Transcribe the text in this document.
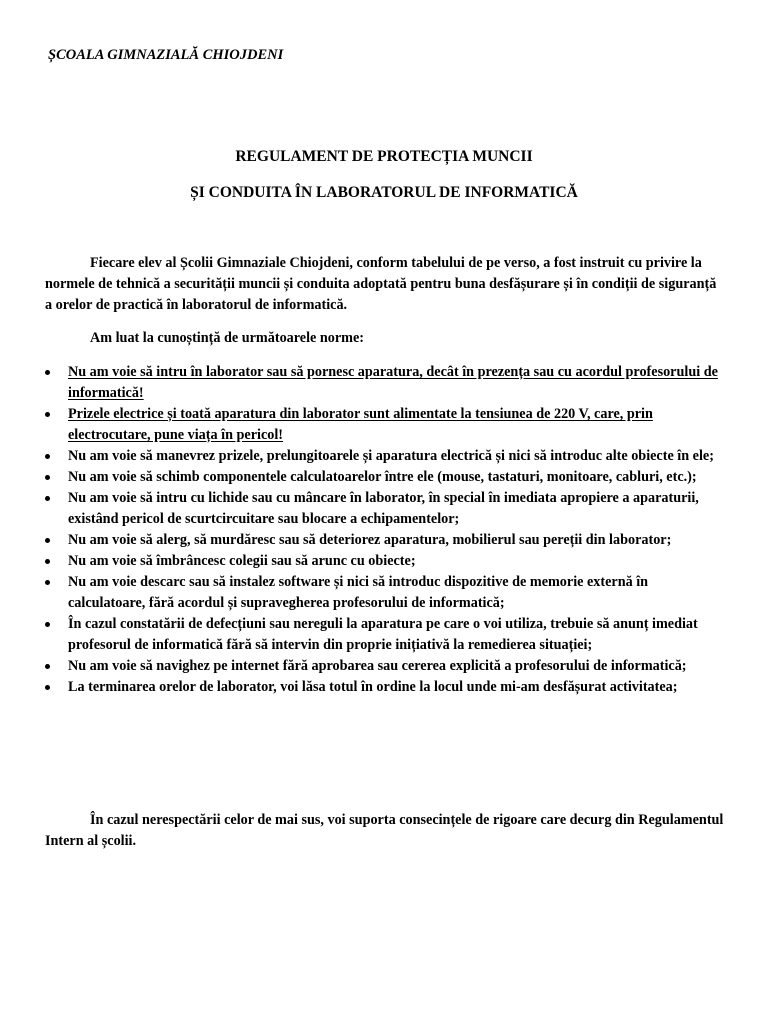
ȘCOALA GIMNAZIALĂ CHIOJDENI
REGULAMENT DE PROTECȚIA MUNCII
ȘI CONDUITA ÎN LABORATORUL DE INFORMATICĂ

Fiecare elev al Școlii Gimnaziale Chiojdeni, conform tabelului de pe verso, a fost instruit cu privire la normele de tehnică a securității muncii și conduita adoptată pentru buna desfășurare și în condiții de siguranță a orelor de practică în laboratorul de informatică.

Am luat la cunoștință de următoarele norme:

Nu am voie să intru în laborator sau să pornesc aparatura, decât în prezența sau cu acordul profesorului de informatică!
Prizele electrice și toată aparatura din laborator sunt alimentate la tensiunea de 220 V, care, prin electrocutare, pune viața în pericol!
Nu am voie să manevrez prizele, prelungitoarele și aparatura electrică și nici să introduc alte obiecte în ele;
Nu am voie să schimb componentele calculatoarelor între ele (mouse, tastaturi, monitoare, cabluri, etc.);
Nu am voie să intru cu lichide sau cu mâncare în laborator, în special în imediata apropiere a aparaturii, existând pericol de scurtcircuitare sau blocare a echipamentelor;
Nu am voie să alerg, să murdăresc sau să deteriorez aparatura, mobilierul sau pereții din laborator;
Nu am voie să îmbrâncesc colegii sau să arunc cu obiecte;
Nu am voie descarc sau să instalez software și nici să introduc dispozitive de memorie externă în calculatoare, fără acordul și supravegherea profesorului de informatică;
În cazul constatării de defecțiuni sau nereguli la aparatura pe care o voi utiliza, trebuie să anunț imediat profesorul de informatică fără să intervin din proprie inițiativă la remedierea situației;
Nu am voie să navighez pe internet fără aprobarea sau cererea explicită a profesorului de informatică;
La terminarea orelor de laborator, voi lăsa totul în ordine la locul unde mi-am desfășurat activitatea;

În cazul nerespectării celor de mai sus, voi suporta consecințele de rigoare care decurg din Regulamentul Intern al școlii.
